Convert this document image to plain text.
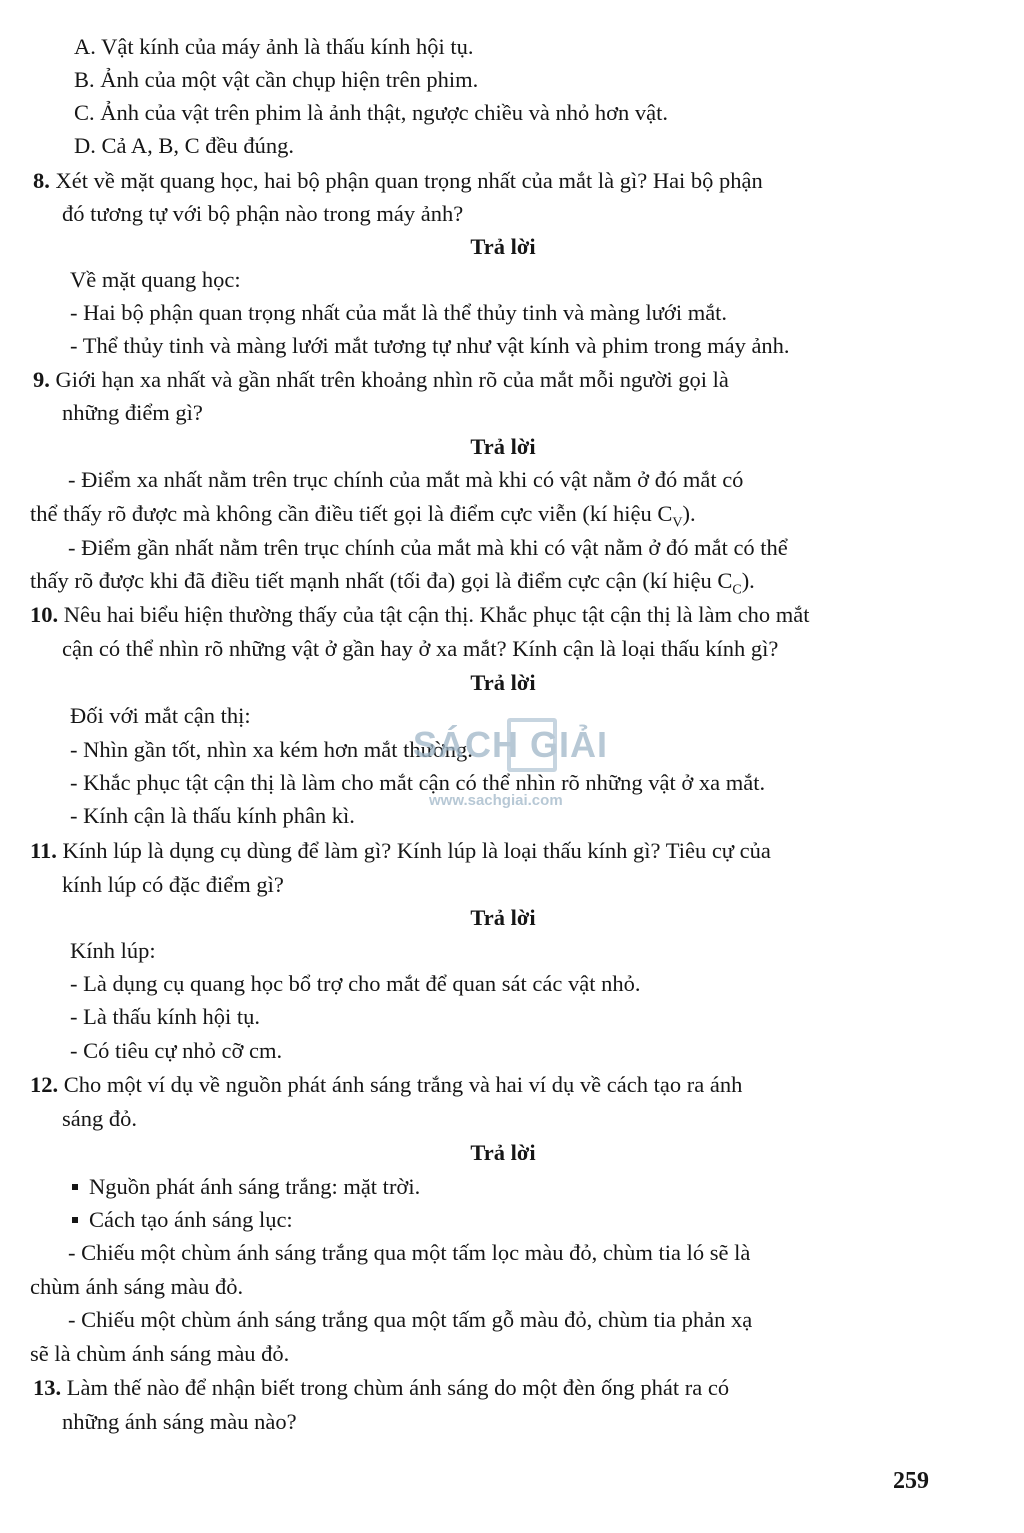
A. Vật kính của máy ảnh là thấu kính hội tụ.

B. Ảnh của một vật cần chụp hiện trên phim.

C. Ảnh của vật trên phim là ảnh thật, ngược chiều và nhỏ hơn vật.

D. Cả A, B, C đều đúng.

8. Xét về mặt quang học, hai bộ phận quan trọng nhất của mắt là gì? Hai bộ phận

đó tương tự với bộ phận nào trong máy ảnh?

Trả lời

Về mặt quang học:

- Hai bộ phận quan trọng nhất của mắt là thể thủy tinh và màng lưới mắt.

- Thể thủy tinh và màng lưới mắt tương tự như vật kính và phim trong máy ảnh.

9. Giới hạn xa nhất và gần nhất trên khoảng nhìn rõ của mắt mỗi người gọi là

những điểm gì?

Trả lời

- Điểm xa nhất nằm trên trục chính của mắt mà khi có vật nằm ở đó mắt có

thể thấy rõ được mà không cần điều tiết gọi là điểm cực viễn (kí hiệu $C_V$).

- Điểm gần nhất nằm trên trục chính của mắt mà khi có vật nằm ở đó mắt có thể

thấy rõ được khi đã điều tiết mạnh nhất (tối đa) gọi là điểm cực cận (kí hiệu $C_C$).

10. Nêu hai biểu hiện thường thấy của tật cận thị. Khắc phục tật cận thị là làm cho mắt

cận có thể nhìn rõ những vật ở gần hay ở xa mắt? Kính cận là loại thấu kính gì?

Trả lời

Đối với mắt cận thị:

- Nhìn gần tốt, nhìn xa kém hơn mắt thường.

- Khắc phục tật cận thị là làm cho mắt cận có thể nhìn rõ những vật ở xa mắt.

- Kính cận là thấu kính phân kì.

11. Kính lúp là dụng cụ dùng để làm gì? Kính lúp là loại thấu kính gì? Tiêu cự của

kính lúp có đặc điểm gì?

Trả lời

Kính lúp:

- Là dụng cụ quang học bổ trợ cho mắt để quan sát các vật nhỏ.

- Là thấu kính hội tụ.

- Có tiêu cự nhỏ cỡ cm.

12. Cho một ví dụ về nguồn phát ánh sáng trắng và hai ví dụ về cách tạo ra ánh

sáng đỏ.

Trả lời

Nguồn phát ánh sáng trắng: mặt trời.

Cách tạo ánh sáng lục:

- Chiếu một chùm ánh sáng trắng qua một tấm lọc màu đỏ, chùm tia ló sẽ là

chùm ánh sáng màu đỏ.

- Chiếu một chùm ánh sáng trắng qua một tấm gỗ màu đỏ, chùm tia phản xạ

sẽ là chùm ánh sáng màu đỏ.

13. Làm thế nào để nhận biết trong chùm ánh sáng do một đèn ống phát ra có

những ánh sáng màu nào?

SÁCH GIẢI
www.sachgiai.com
259
